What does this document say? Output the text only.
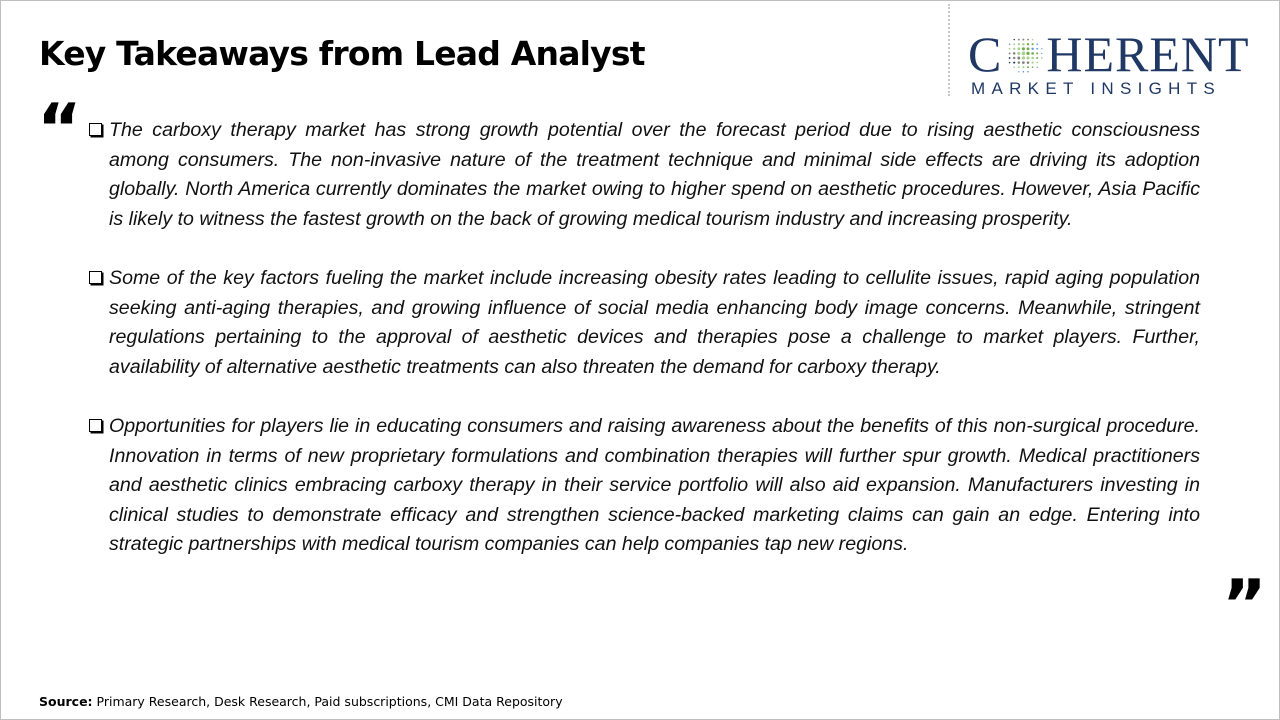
Key Takeaways from Lead Analyst	C HERENT
MARKET INSIGHTS
“ The carboxy therapy market has strong growth potential over the forecast period due to rising aesthetic consciousness among consumers. The non-invasive nature of the treatment technique and minimal side effects are driving its adoption globally. North America currently dominates the market owing to higher spend on aesthetic procedures. However, Asia Pacific is likely to witness the fastest growth on the back of growing medical tourism industry and increasing prosperity.

Some of the key factors fueling the market include increasing obesity rates leading to cellulite issues, rapid aging population seeking anti-aging therapies, and growing influence of social media enhancing body image concerns. Meanwhile, stringent regulations pertaining to the approval of aesthetic devices and therapies pose a challenge to market players. Further, availability of alternative aesthetic treatments can also threaten the demand for carboxy therapy.

Opportunities for players lie in educating consumers and raising awareness about the benefits of this non-surgical procedure. Innovation in terms of new proprietary formulations and combination therapies will further spur growth. Medical practitioners and aesthetic clinics embracing carboxy therapy in their service portfolio will also aid expansion. Manufacturers investing in clinical studies to demonstrate efficacy and strengthen science-backed marketing claims can gain an edge. Entering into strategic partnerships with medical tourism companies can help companies tap new regions.

”
Source: Primary Research, Desk Research, Paid subscriptions, CMI Data Repository
